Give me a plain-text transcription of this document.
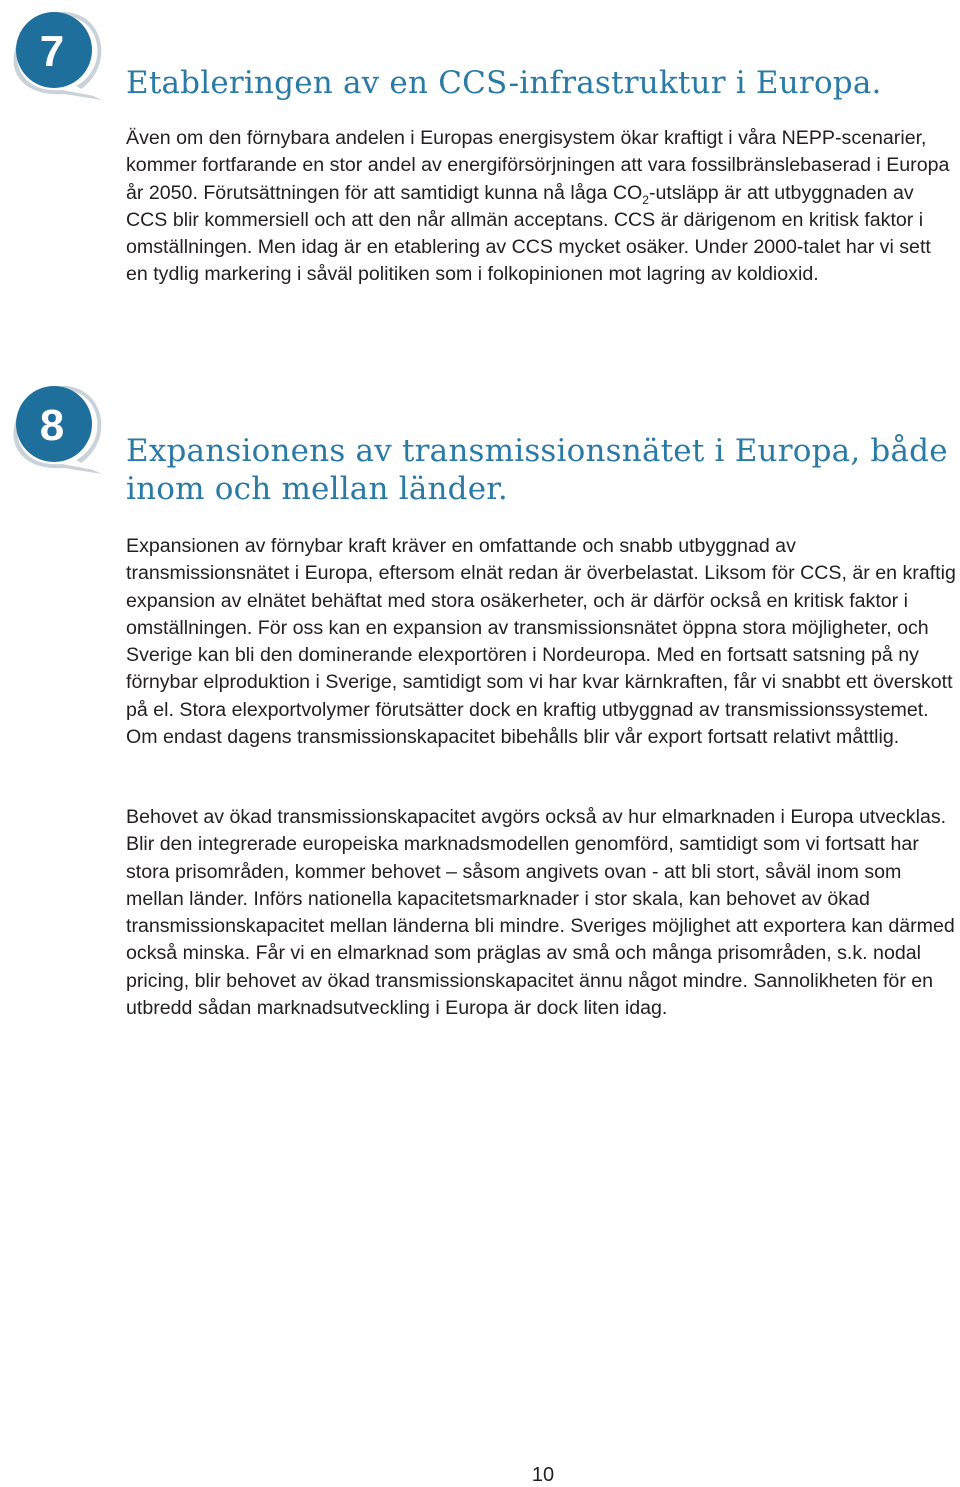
7
Etableringen av en CCS-infrastruktur i Europa.

Även om den förnybara andelen i Europas energisystem ökar kraftigt i våra NEPP-scenarier, kommer fortfarande en stor andel av energiförsörjningen att vara fossilbränslebaserad i Europa år 2050. Förutsättningen för att samtidigt kunna nå låga $CO_2$-utsläpp är att utbyggnaden av CCS blir kommersiell och att den når allmän acceptans. CCS är därigenom en kritisk faktor i omställningen. Men idag är en etablering av CCS mycket osäker. Under 2000-talet har vi sett en tydlig markering i såväl politiken som i folkopinionen mot lagring av koldioxid.

8
Expansionens av transmissionsnätet i Europa, både inom och mellan länder.

Expansionen av förnybar kraft kräver en omfattande och snabb utbyggnad av transmissionsnätet i Europa, eftersom elnät redan är överbelastat. Liksom för CCS, är en kraftig expansion av elnätet behäftat med stora osäkerheter, och är därför också en kritisk faktor i omställningen. För oss kan en expansion av transmissionsnätet öppna stora möjligheter, och Sverige kan bli den dominerande elexportören i Nordeuropa. Med en fortsatt satsning på ny förnybar elproduktion i Sverige, samtidigt som vi har kvar kärnkraften, får vi snabbt ett överskott på el. Stora elexportvolymer förutsätter dock en kraftig utbyggnad av transmissionssystemet. Om endast dagens transmissionskapacitet bibehålls blir vår export fortsatt relativt måttlig.

Behovet av ökad transmissionskapacitet avgörs också av hur elmarknaden i Europa utvecklas. Blir den integrerade europeiska marknadsmodellen genomförd, samtidigt som vi fortsatt har stora prisområden, kommer behovet – såsom angivets ovan - att bli stort, såväl inom som mellan länder. Införs nationella kapacitetsmarknader i stor skala, kan behovet av ökad transmissionskapacitet mellan länderna bli mindre. Sveriges möjlighet att exportera kan därmed också minska. Får vi en elmarknad som präglas av små och många prisområden, s.k. nodal pricing, blir behovet av ökad transmissionskapacitet ännu något mindre. Sannolikheten för en utbredd sådan marknadsutveckling i Europa är dock liten idag.

10
